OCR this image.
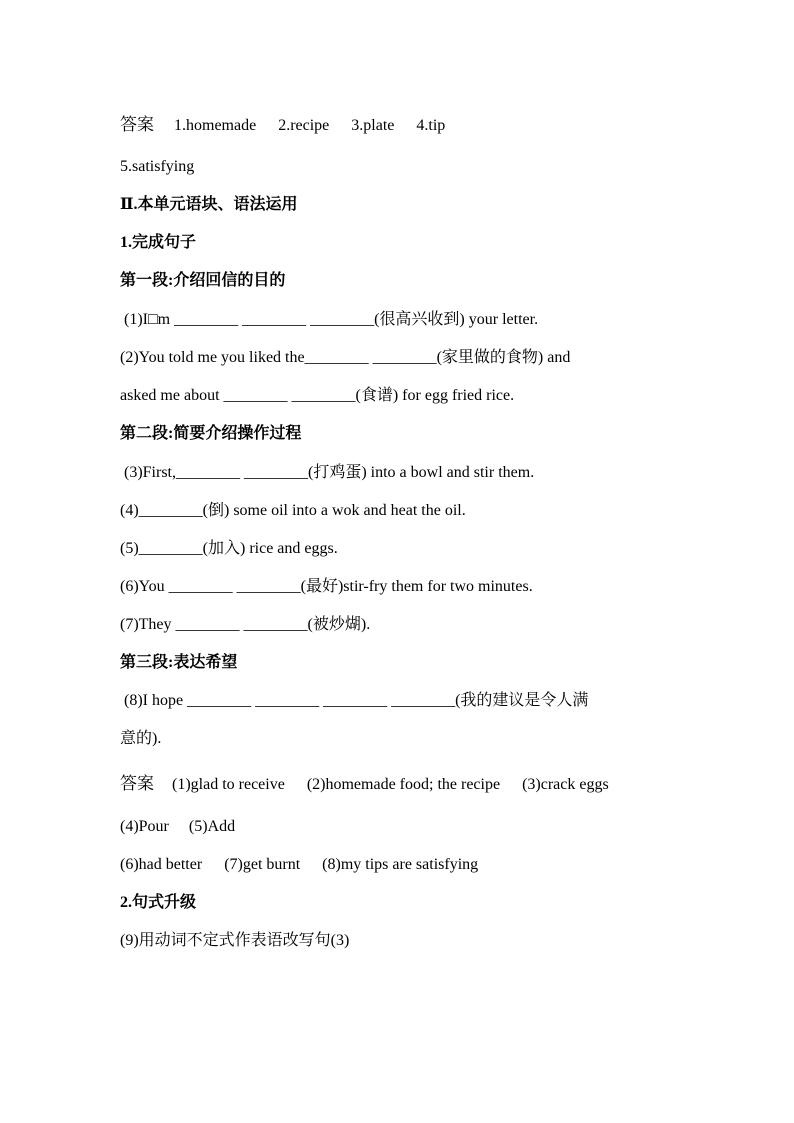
答案 1.homemade 2.recipe 3.plate 4.tip
5.satisfying
Ⅱ.本单元语块、语法运用
1.完成句子
第一段:介绍回信的目的
(1)I□m ________ ________ ________(很高兴收到) your letter.
(2)You told me you liked the________ ________(家里做的食物) and
asked me about ________ ________(食谱) for egg fried rice.
第二段:简要介绍操作过程
(3)First,________ ________(打鸡蛋) into a bowl and stir them.
(4)________(倒) some oil into a wok and heat the oil.
(5)________(加入) rice and eggs.
(6)You ________ ________(最好)stir-fry them for two minutes.
(7)They ________ ________(被炒煳).
第三段:表达希望
(8)I hope ________ ________ ________ ________(我的建议是令人满
意的).
答案 (1)glad to receive (2)homemade food; the recipe (3)crack eggs
(4)Pour (5)Add
(6)had better (7)get burnt (8)my tips are satisfying
2.句式升级
(9)用动词不定式作表语改写句(3)
